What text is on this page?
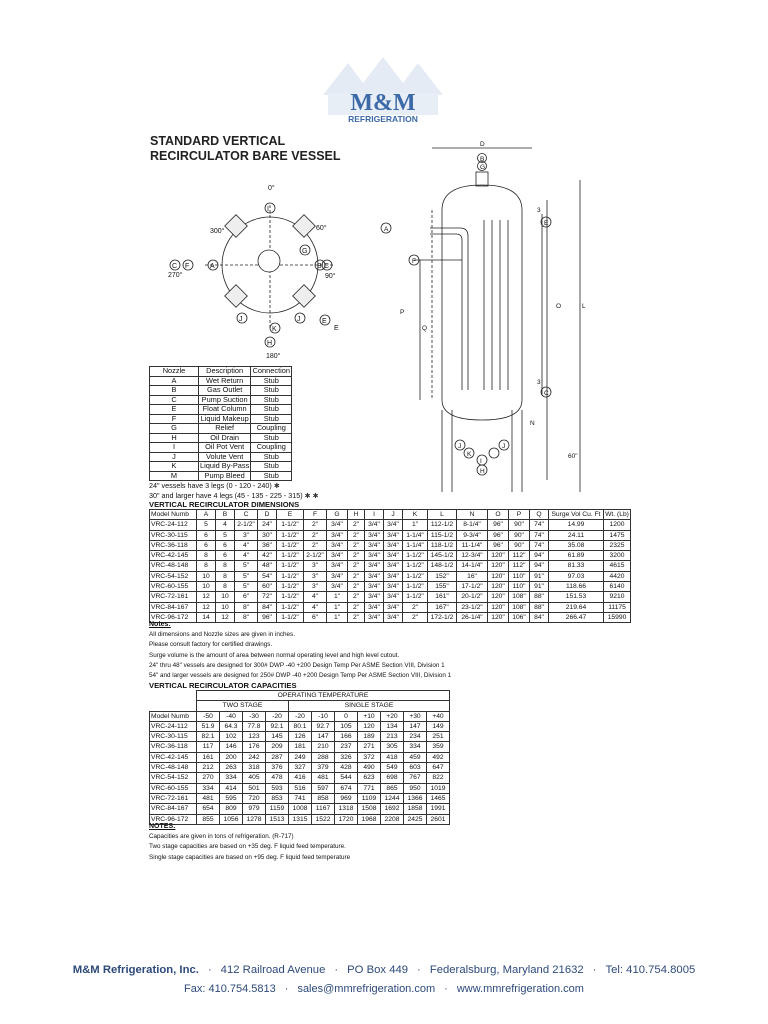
M&M
REFRIGERATION
STANDARD VERTICAL
RECIRCULATOR BARE VESSEL
0°
90°
180°
270°
300°	60°
I
G
B C
E
E
J
K
J
H
C F	A
D
B
G
E
A
F
C
I
H
J
K
J
3
3
N
60"
O	L
P
Q
Nozzle	Description	Connection
A	Wet Return	Stub
B	Gas Outlet	Stub
C	Pump Suction	Stub
E	Float Column	Stub
F	Liquid Makeup	Stub
G	Relief	Coupling
H	Oil Drain	Stub
I	Oil Pot Vent	Coupling
J	Volute Vent	Stub
K	Liquid By-Pass	Stub
M	Pump Bleed	Stub
24" vessels have 3 legs (0 - 120 - 240) ✱
30" and larger have 4 legs (45 - 135 - 225 - 315) ✱ ✱
VERTICAL RECIRCULATOR DIMENSIONS
Model Numb	A	B	C	D	E	F	G	H	I	J	K	L	N	O	P	Q	Surge Vol Cu. Ft	Wt. (Lb)
VRC-24-112	5	4	2-1/2"	24"	1-1/2"	2"	3/4"	2"	3/4"	3/4"	1"	112-1/2	8-1/4"	96"	90"	74"	14.99	1200
VRC-30-115	6	5	3"	30"	1-1/2"	2"	3/4"	2"	3/4"	3/4"	1-1/4"	115-1/2	9-3/4"	96"	90"	74"	24.11	1475
VRC-36-118	6	6	4"	36"	1-1/2"	2"	3/4"	2"	3/4"	3/4"	1-1/4"	118-1/2	11-1/4"	96"	90"	74"	35.08	2325
VRC-42-145	8	6	4"	42"	1-1/2"	2-1/2"	3/4"	2"	3/4"	3/4"	1-1/2"	145-1/2	12-3/4"	120"	112"	94"	61.89	3200
VRC-48-148	8	8	5"	48"	1-1/2"	3"	3/4"	2"	3/4"	3/4"	1-1/2"	148-1/2	14-1/4"	120"	112"	94"	81.33	4615
VRC-54-152	10	8	5"	54"	1-1/2"	3"	3/4"	2"	3/4"	3/4"	1-1/2"	152"	16"	120"	110"	91"	97.03	4420
VRC-60-155	10	8	5"	60"	1-1/2"	3"	3/4"	2"	3/4"	3/4"	1-1/2"	155"	17-1/2"	120"	110"	91"	118.66	6140
VRC-72-161	12	10	6"	72"	1-1/2"	4"	1"	2"	3/4"	3/4"	1-1/2"	161"	20-1/2"	120"	108"	88"	151.53	9210
VRC-84-167	12	10	8"	84"	1-1/2"	4"	1"	2"	3/4"	3/4"	2"	167"	23-1/2"	120"	108"	88"	219.64	11175
VRC-96-172	14	12	8"	96"	1-1/2"	6"	1"	2"	3/4"	3/4"	2"	172-1/2	26-1/4"	120"	106"	84"	266.47	15990
Notes:
All dimensions and Nozzle sizes are given in inches.
Please consult factory for certified drawings.
Surge volume is the amount of area between normal operating level and high level cutout.
24" thru 48" vessels are designed for 300# DWP -40 +200 Design Temp Per ASME Section VIII, Division 1
54" and larger vessels are designed for 250# DWP -40 +200 Design Temp Per ASME Section VIII, Division 1
VERTICAL RECIRCULATOR CAPACITIES
	OPERATING TEMPERATURE										
	TWO STAGE				SINGLE STAGE						
Model Numb	-50	-40	-30	-20	-20	-10	0	+10	+20	+30	+40
VRC-24-112	51.9	64.3	77.8	92.1	80.1	92.7	105	120	134	147	149
VRC-30-115	82.1	102	123	145	126	147	166	189	213	234	251
VRC-36-118	117	146	176	209	181	210	237	271	305	334	359
VRC-42-145	161	200	242	287	249	288	326	372	418	459	492
VRC-48-148	212	263	318	376	327	379	428	490	549	603	647
VRC-54-152	270	334	405	478	416	481	544	623	698	767	822
VRC-60-155	334	414	501	593	516	597	674	771	865	950	1019
VRC-72-161	481	595	720	853	741	858	969	1109	1244	1366	1465
VRC-84-167	654	809	979	1159	1008	1167	1318	1508	1692	1858	1991
VRC-96-172	855	1056	1278	1513	1315	1522	1720	1968	2208	2425	2601
NOTES:
Capacities are given in tons of refrigeration. (R-717)
Two stage capacities are based on +35 deg. F liquid feed temperature.
Single stage capacities are based on +95 deg. F liquid feed temperature
M&M Refrigeration, Inc. · 412 Railroad Avenue · PO Box 449 · Federalsburg, Maryland 21632 · Tel: 410.754.8005
Fax: 410.754.5813 · sales@mmrefrigeration.com · www.mmrefrigeration.com
